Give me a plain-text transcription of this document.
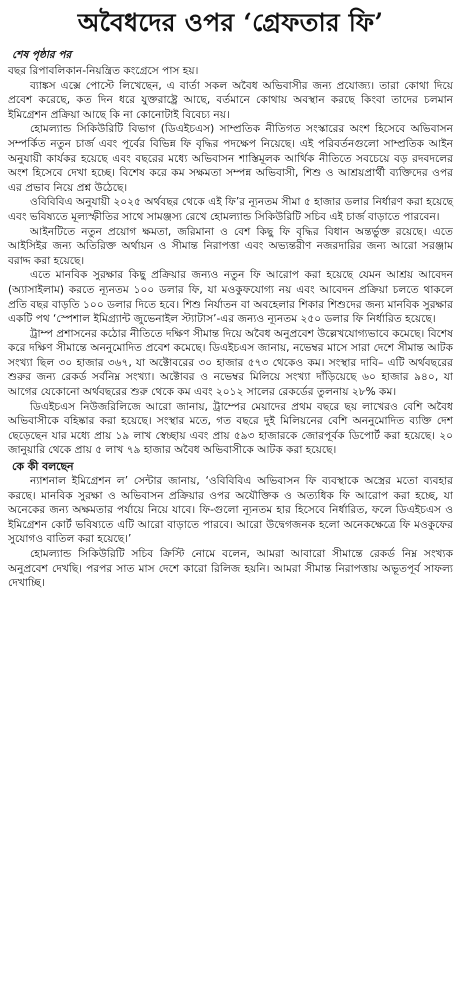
অবৈধদের ওপর ‘গ্রেফতার ফি’
শেষ পৃষ্ঠার পর

বছর রিপাবলিকান-নিয়ন্ত্রিত কংগ্রেসে পাস হয়।

ব্যাঙ্কস এক্সে পোস্টে লিখেছেন, এ বার্তা সকল অবৈধ অভিবাসীর জন্য প্রযোজ্য। তারা কোথা দিয়ে প্রবেশ করেছে, কত দিন ধরে যুক্তরাষ্ট্রে আছে, বর্তমানে কোথায় অবস্থান করছে কিংবা তাদের চলমান ইমিগ্রেশন প্রক্রিয়া আছে কি না কোনোটাই বিবেচ্য নয়।

হোমল্যান্ড সিকিউরিটি বিভাগ (ডিএইচএস) সাম্প্রতিক নীতিগত সংস্কারের অংশ হিসেবে অভিবাসন সম্পর্কিত নতুন চার্জ এবং পূর্বের বিভিন্ন ফি বৃদ্ধির পদক্ষেপ নিয়েছে। এই পরিবর্তনগুলো সাম্প্রতিক আইন অনুযায়ী কার্যকর হয়েছে এবং বছরের মধ্যে অভিবাসন শাস্তিমূলক আর্থিক নীতিতে সবচেয়ে বড় রদবদলের অংশ হিসেবে দেখা হচ্ছে। বিশেষ করে কম সক্ষমতা সম্পন্ন অভিবাসী, শিশু ও আশ্রয়প্রার্থী ব্যক্তিদের ওপর এর প্রভাব নিয়ে প্রশ্ন উঠেছে।

ওবিবিবিএ অনুযায়ী ২০২৫ অর্থবছর থেকে এই ফি’র ন্যূনতম সীমা ৫ হাজার ডলার নির্ধারণ করা হয়েছে এবং ভবিষ্যতে মূল্যস্ফীতির সাথে সামঞ্জস্য রেখে হোমল্যান্ড সিকিউরিটি সচিব এই চার্জ বাড়াতে পারবেন।

আইনটিতে নতুন প্রয়োগ ক্ষমতা, জরিমানা ও বেশ কিছু ফি বৃদ্ধির বিধান অন্তর্ভুক্ত রয়েছে। এতে আইসিইর জন্য অতিরিক্ত অর্থায়ন ও সীমান্ত নিরাপত্তা এবং অভ্যন্তরীণ নজরদারির জন্য আরো সরঞ্জাম বরাদ্দ করা হয়েছে।

এতে মানবিক সুরক্ষার কিছু প্রক্রিয়ার জন্যও নতুন ফি আরোপ করা হয়েছে যেমন আশ্রয় আবেদন (অ্যাসাইলাম) করতে ন্যূনতম ১০০ ডলার ফি, যা মওকুফযোগ্য নয় এবং আবেদন প্রক্রিয়া চলতে থাকলে প্রতি বছর বাড়তি ১০০ ডলার দিতে হবে। শিশু নির্যাতন বা অবহেলার শিকার শিশুদের জন্য মানবিক সুরক্ষার একটি পথ ‘স্পেশাল ইমিগ্র্যান্ট জুভেনাইল স্ট্যাটাস’-এর জন্যও ন্যূনতম ২৫০ ডলার ফি নির্ধারিত হয়েছে।

ট্রাম্প প্রশাসনের কঠোর নীতিতে দক্ষিণ সীমান্ত দিয়ে অবৈধ অনুপ্রবেশ উল্লেখযোগ্যভাবে কমেছে। বিশেষ করে দক্ষিণ সীমান্তে অননুমোদিত প্রবেশ কমেছে। ডিএইচএস জানায়, নভেম্বর মাসে সারা দেশে সীমান্ত আটক সংখ্যা ছিল ৩০ হাজার ৩৬৭, যা অক্টোবরের ৩০ হাজার ৫৭৩ থেকেও কম। সংস্থার দাবি– এটি অর্থবছরের শুরুর জন্য রেকর্ড সর্বনিম্ন সংখ্যা। অক্টোবর ও নভেম্বর মিলিয়ে সংখ্যা দাঁড়িয়েছে ৬০ হাজার ৯৪০, যা আগের যেকোনো অর্থবছরের শুরু থেকে কম এবং ২০১২ সালের রেকর্ডের তুলনায় ২৮% কম।

ডিএইচএস নিউজরিলিজে আরো জানায়, ট্রাম্পের মেয়াদের প্রথম বছরে ছয় লাখেরও বেশি অবৈধ অভিবাসীকে বহিষ্কার করা হয়েছে। সংস্থার মতে, গত বছরে দুই মিলিয়নের বেশি অননুমোদিত ব্যক্তি দেশ ছেড়েছেন যার মধ্যে প্রায় ১৯ লাখ স্বেচ্ছায় এবং প্রায় ৫৯৩ হাজারকে জোরপূর্বক ডিপোর্ট করা হয়েছে। ২০ জানুয়ারি থেকে প্রায় ৫ লাখ ৭৯ হাজার অবৈধ অভিবাসীকে আটক করা হয়েছে।

কে কী বলছেন

ন্যাশনাল ইমিগ্রেশন ল’ সেন্টার জানায়, ‘ওবিবিবিএ অভিবাসন ফি ব্যবস্থাকে অস্ত্রের মতো ব্যবহার করছে। মানবিক সুরক্ষা ও অভিবাসন প্রক্রিয়ার ওপর অযৌক্তিক ও অত্যধিক ফি আরোপ করা হচ্ছে, যা অনেকের জন্য অক্ষমতার পর্যায়ে নিয়ে যাবে। ফি-গুলো ন্যূনতম হার হিসেবে নির্ধারিত, ফলে ডিএইচএস ও ইমিগ্রেশন কোর্ট ভবিষ্যতে এটি আরো বাড়াতে পারবে। আরো উদ্বেগজনক হলো অনেকক্ষেত্রে ফি মওকুফের সুযোগও বাতিল করা হয়েছে।’

হোমল্যান্ড সিকিউরিটি সচিব ক্রিস্টি নোমে বলেন, আমরা আবারো সীমান্তে রেকর্ড নিম্ন সংখ্যক অনুপ্রবেশ দেখছি। পরপর সাত মাস দেশে কারো রিলিজ হয়নি। আমরা সীমান্ত নিরাপত্তায় অভূতপূর্ব সাফল্য দেখাচ্ছি।
